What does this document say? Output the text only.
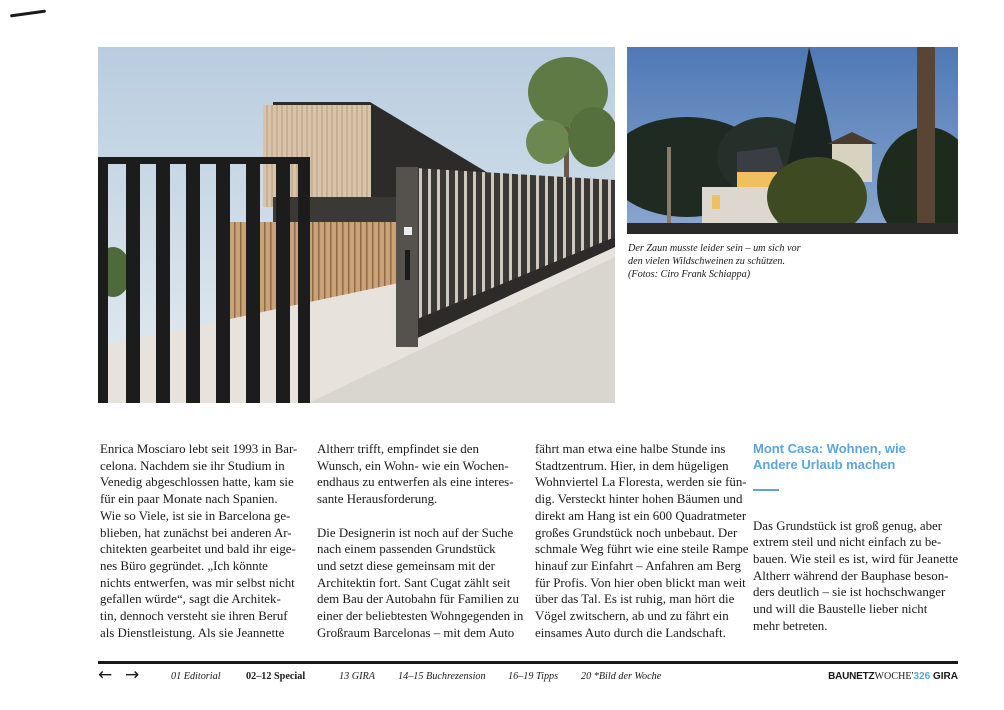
Der Zaun musste leider sein – um sich vor
den vielen Wildschweinen zu schützen.
(Fotos: Ciro Frank Schiappa)
Enrica Mosciaro lebt seit 1993 in Bar-
celona. Nachdem sie ihr Studium in
Venedig abgeschlossen hatte, kam sie
für ein paar Monate nach Spanien.
Wie so Viele, ist sie in Barcelona ge-
blieben, hat zunächst bei anderen Ar-
chitekten gearbeitet und bald ihr eige-
nes Büro gegründet. „Ich könnte
nichts entwerfen, was mir selbst nicht
gefallen würde“, sagt die Architek-
tin, dennoch versteht sie ihren Beruf
als Dienstleistung. Als sie Jeannette
Altherr trifft, empfindet sie den
Wunsch, ein Wohn- wie ein Wochen-
endhaus zu entwerfen als eine interes-
sante Herausforderung.
Die Designerin ist noch auf der Suche
nach einem passenden Grundstück
und setzt diese gemeinsam mit der
Architektin fort. Sant Cugat zählt seit
dem Bau der Autobahn für Familien zu
einer der beliebtesten Wohngegenden in
Großraum Barcelonas – mit dem Auto
fährt man etwa eine halbe Stunde ins
Stadtzentrum. Hier, in dem hügeligen
Wohnviertel La Floresta, werden sie fün-
dig. Versteckt hinter hohen Bäumen und
direkt am Hang ist ein 600 Quadratmeter
großes Grundstück noch unbebaut. Der
schmale Weg führt wie eine steile Rampe
hinauf zur Einfahrt – Anfahren am Berg
für Profis. Von hier oben blickt man weit
über das Tal. Es ist ruhig, man hört die
Vögel zwitschern, ab und zu fährt ein
einsames Auto durch die Landschaft.
Mont Casa: Wohnen, wie
Andere Urlaub machen
Das Grundstück ist groß genug, aber
extrem steil und nicht einfach zu be-
bauen. Wie steil es ist, wird für Jeanette
Altherr während der Bauphase beson-
ders deutlich – sie ist hochschwanger
und will die Baustelle lieber nicht
mehr betreten.
← →	01 Editorial 02–12 Special	13 GIRA 14–15 Buchrezension 16–19 Tipps 20 *Bild der Woche	BAUNETZWOCHE'326 GIRA
